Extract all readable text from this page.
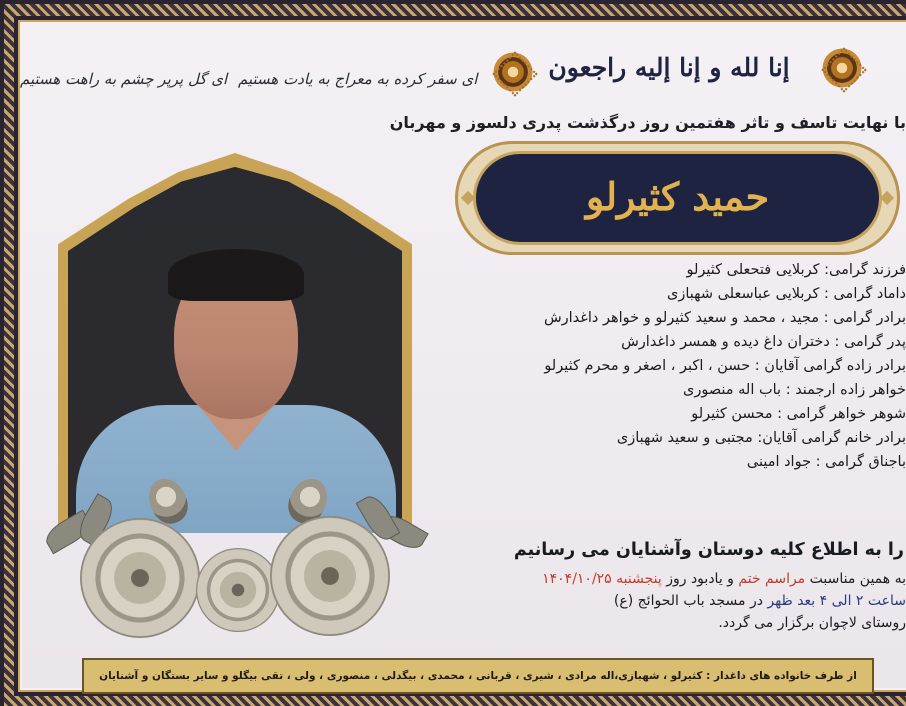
ای سفر کرده به معراج به یادت هستیم
ای گل پرپر چشم به راهت هستیم	إنا لله و إنا إليه راجعون
با نهایت تاسف و تاثر هفتمین روز درگذشت پدری دلسوز و مهربان
حمید کثیرلو
فرزند گرامی: کربلایی فتحعلی کثیرلو
داماد گرامی : کربلایی عباسعلی شهبازی
برادر گرامی : مجید ، محمد و سعید کثیرلو و خواهر داغدارش
پدر گرامی : دختران داغ دیده و همسر داغدارش
برادر زاده گرامی آقایان : حسن ، اکبر ، اصغر و محرم کثیرلو
خواهر زاده ارجمند : باب اله منصوری
شوهر خواهر گرامی : محسن کثیرلو
برادر خانم گرامی آقایان: مجتبی و سعید شهبازی
باجناق گرامی : جواد امینی
را به اطلاع کلیه دوستان وآشنایان می رسانیم
به همین مناسبت مراسم ختم و یادبود روز پنجشنبه ۱۴۰۴/۱۰/۲۵
ساعت ۲ الی ۴ بعد ظهر در مسجد باب الحوائج (ع)
روستای لاچوان برگزار می گردد.
از طرف خانواده های داغدار : کثیرلو ، شهبازی،اله مرادی ، شیری ، قربانی ، محمدی ، بیگدلی ، منصوری ، ولی ، تقی بیگلو و سایر بستگان و آشنایان
